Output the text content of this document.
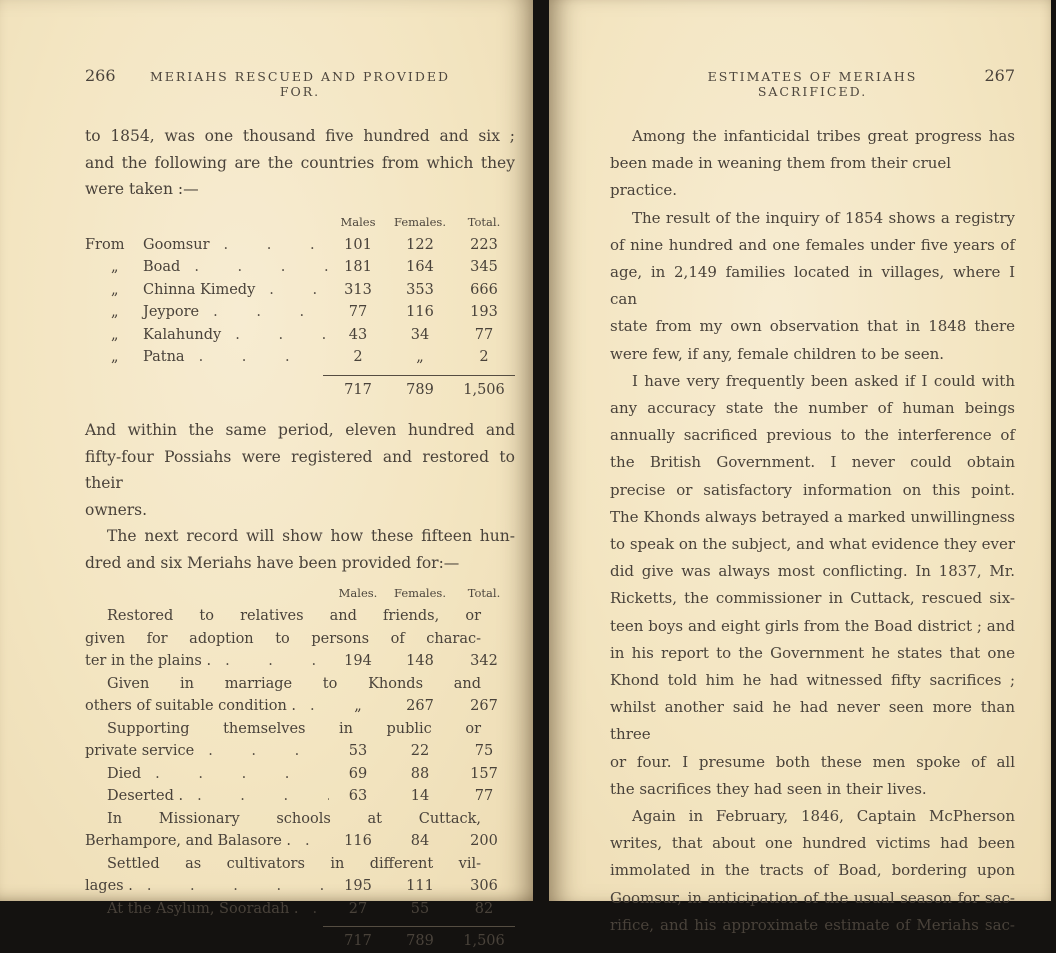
266	MERIAHS RESCUED AND PROVIDED FOR.
to 1854, was one thousand five hundred and six ;
and the following are the countries from which they
were taken :—
Males	Females.	Total.
From	Goomsur . .	101	122	223
„	Boad . .	181	164	345
„	Chinna Kimedy . .	313	353	666
„	Jeypore . .	77	116	193
„	Kalahundy . .	43	34	77
„	Patna . .	2	„	2
717	789	1,506
And within the same period, eleven hundred and
fifty-four Possiahs were registered and restored to their
owners.
The next record will show how these fifteen hun-
dred and six Meriahs have been provided for:—
Males.	Females.	Total.
Restored to relatives and friends, or
given for adoption to persons of charac-
ter in the plains . . .	194	148	342
Given in marriage to Khonds and
others of suitable condition . . .	„	267	267
Supporting themselves in public or
private service . .	53	22	75
Died . .	69	88	157
Deserted . . .	63	14	77
In Missionary schools at Cuttack,
Berhampore, and Balasore . . .	116	84	200
Settled as cultivators in different vil-
lages . . .	195	111	306
At the Asylum, Sooradah . . .	27	55	82
717	789	1,506
ESTIMATES OF MERIAHS SACRIFICED.
267
Among the infanticidal tribes great progress has
been made in weaning them from their cruel practice.
The result of the inquiry of 1854 shows a registry
of nine hundred and one females under five years of
age, in 2,149 families located in villages, where I can
state from my own observation that in 1848 there
were few, if any, female children to be seen.
I have very frequently been asked if I could with
any accuracy state the number of human beings
annually sacrificed previous to the interference of
the British Government. I never could obtain
precise or satisfactory information on this point.
The Khonds always betrayed a marked unwillingness
to speak on the subject, and what evidence they ever
did give was always most conflicting. In 1837, Mr.
Ricketts, the commissioner in Cuttack, rescued six-
teen boys and eight girls from the Boad district ; and
in his report to the Government he states that one
Khond told him he had witnessed fifty sacrifices ;
whilst another said he had never seen more than three
or four. I presume both these men spoke of all
the sacrifices they had seen in their lives.
Again in February, 1846, Captain McPherson
writes, that about one hundred victims had been
immolated in the tracts of Boad, bordering upon
Goomsur, in anticipation of the usual season for sac-
rifice, and his approximate estimate of Meriahs sac-
